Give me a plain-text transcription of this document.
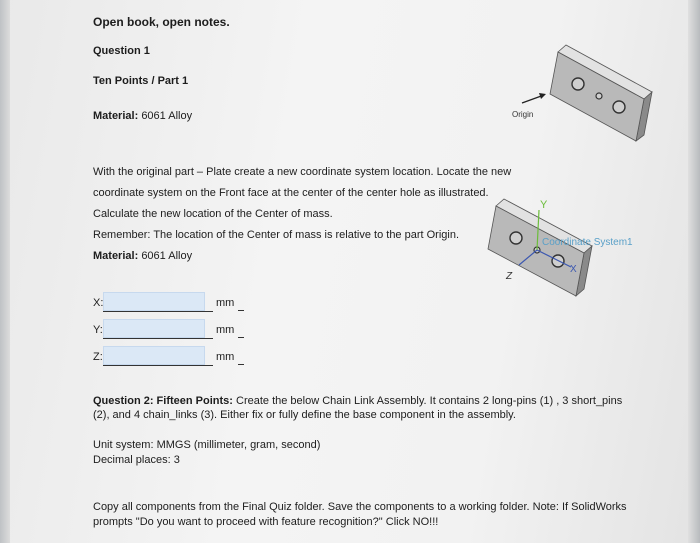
Open book, open notes.
Question 1
Ten Points / Part 1
Material: 6061 Alloy	Origin
With the original part – Plate create a new coordinate system location. Locate the new coordinate system on the Front face at the center of the center hole as illustrated. Calculate the new location of the Center of mass.
Remember: The location of the Center of mass is relative to the part Origin.
Material: 6061 Alloy
Y
Z
X
Coordinate System1
X:	mm
Y:	mm
Z:	mm
Question 2: Fifteen Points: Create the below Chain Link Assembly. It contains 2 long-pins (1) , 3 short_pins (2), and 4 chain_links (3). Either fix or fully define the base component in the assembly.
Unit system: MMGS (millimeter, gram, second)
Decimal places: 3
Copy all components from the Final Quiz folder. Save the components to a working folder. Note: If SolidWorks prompts "Do you want to proceed with feature recognition?" Click NO!!!
